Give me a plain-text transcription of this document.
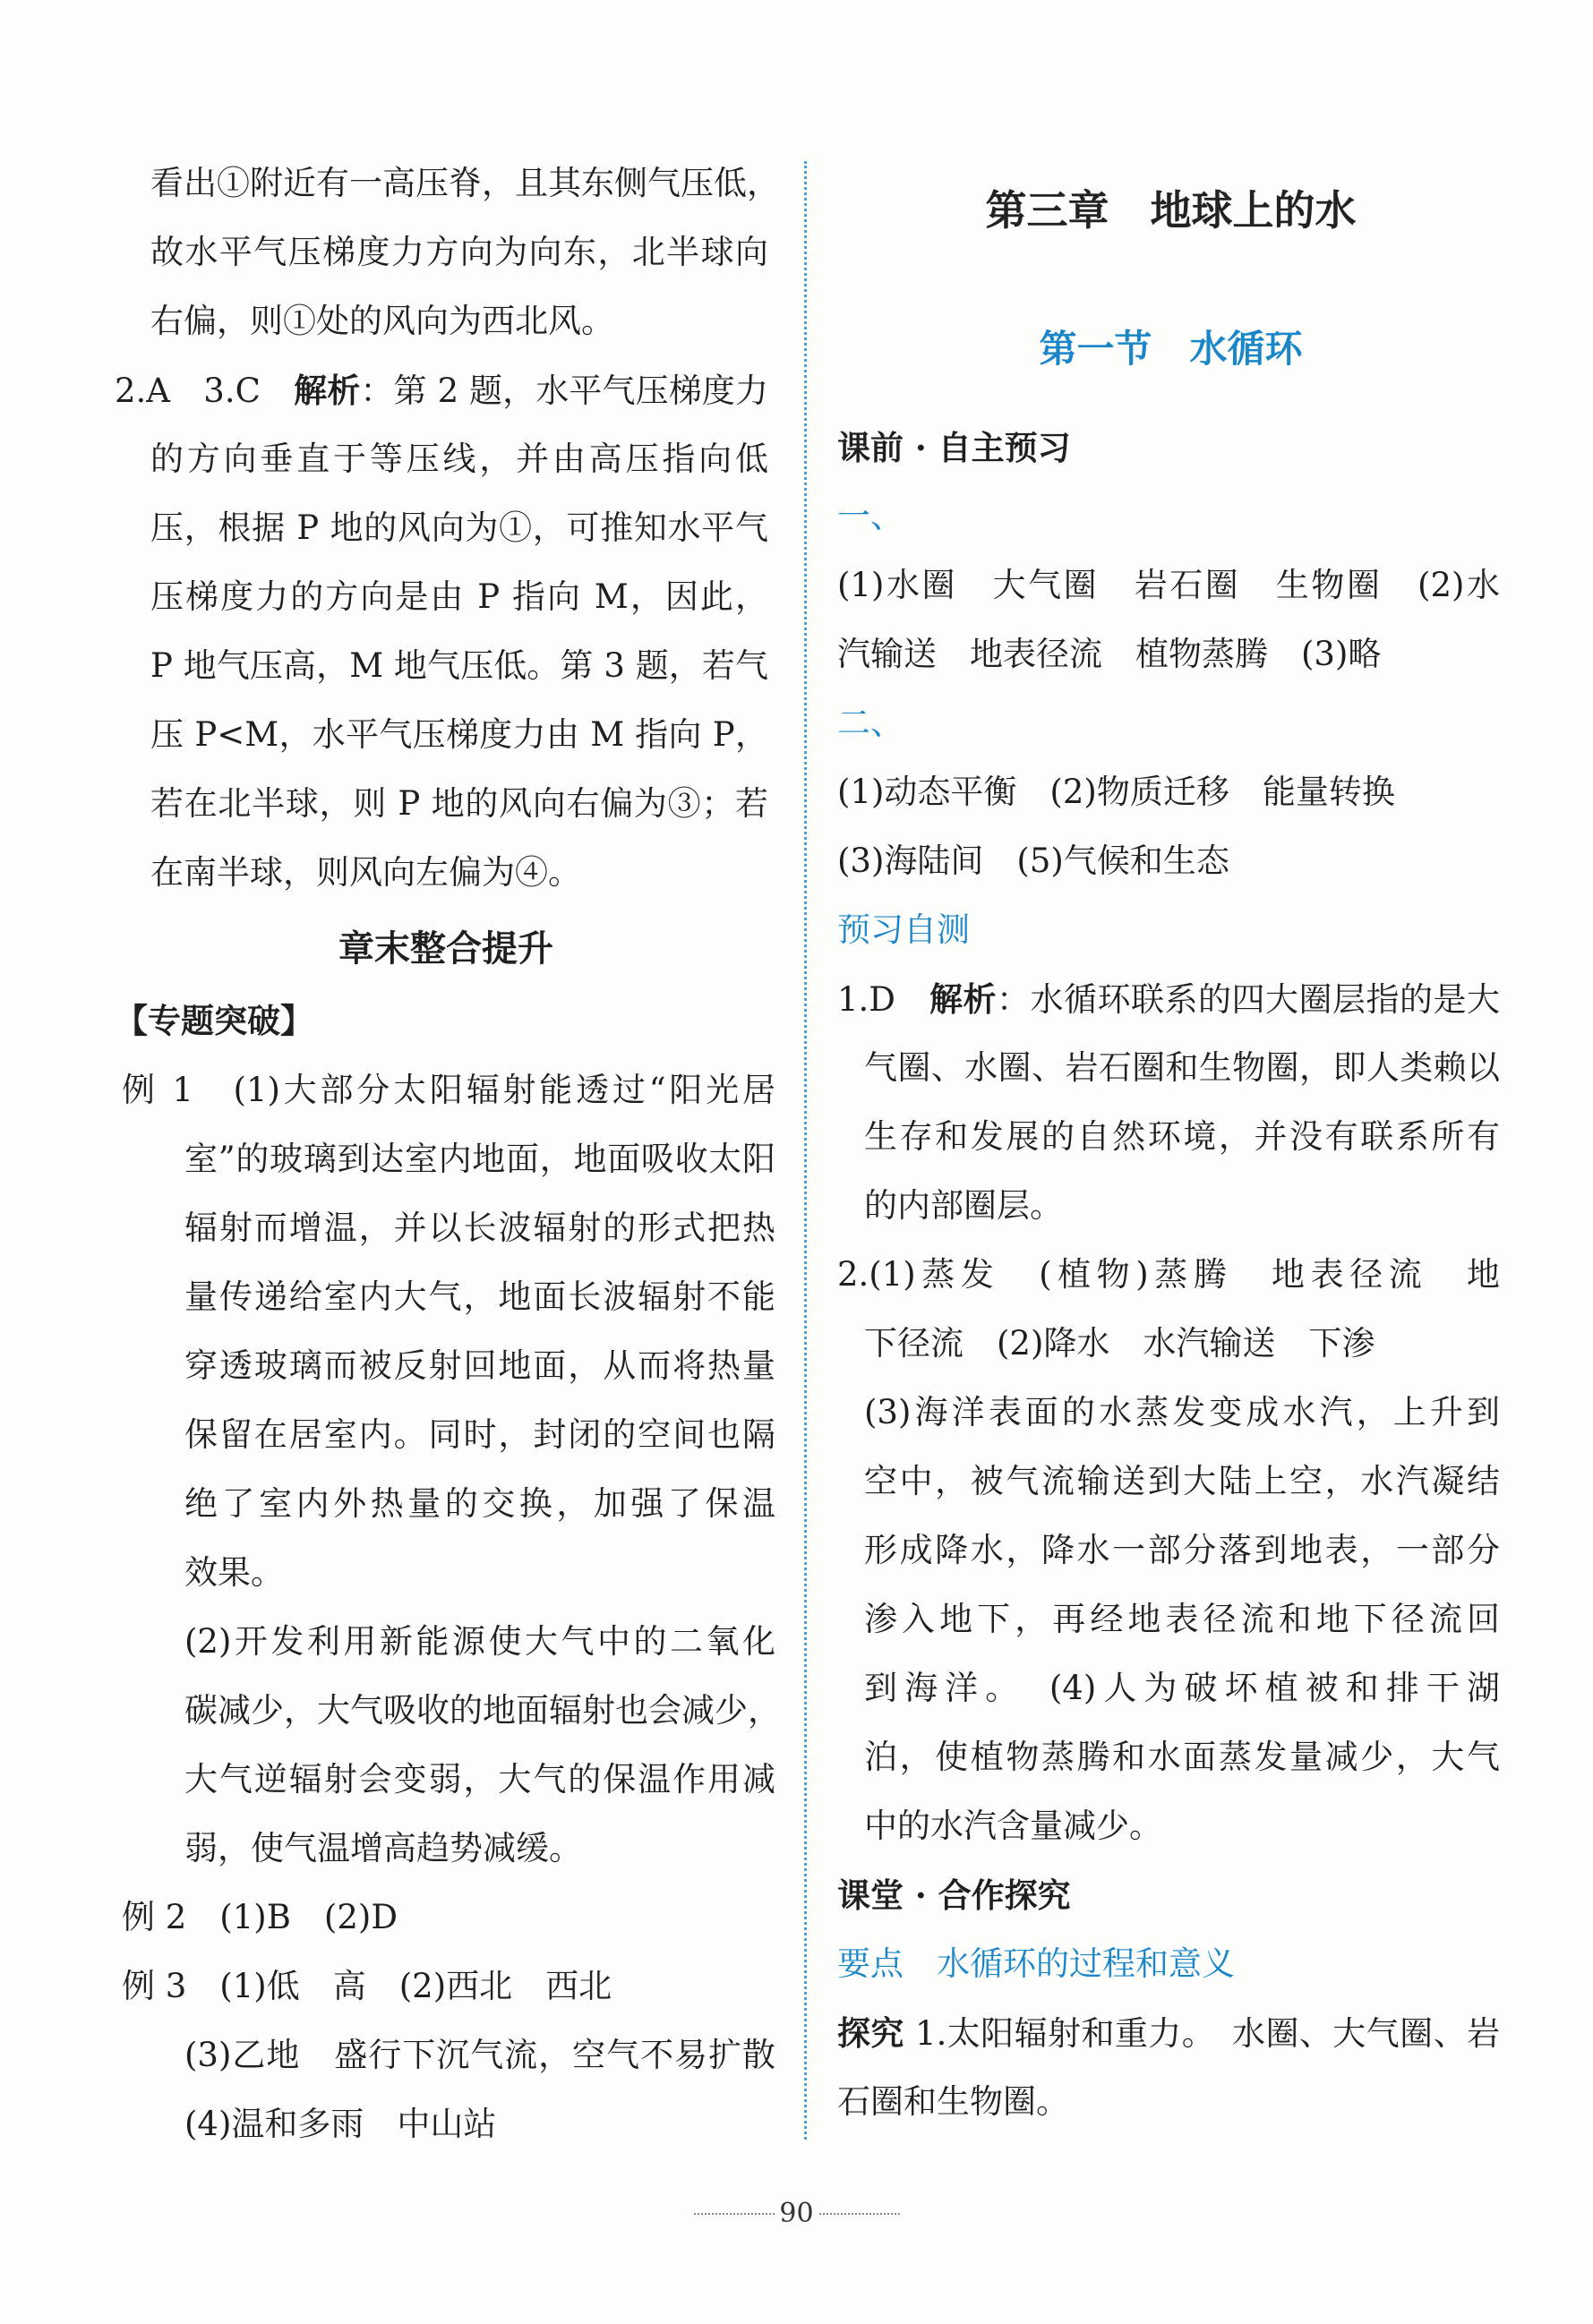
看出①附近有一高压脊，且其东侧气压低，
故水平气压梯度力方向为向东，北半球向
右偏，则①处的风向为西北风。
2.A　3.C　解析：第 2 题，水平气压梯度力
的方向垂直于等压线，并由高压指向低
压，根据 P 地的风向为①，可推知水平气
压梯度力的方向是由 P 指向 M，因此，
P 地气压高，M 地气压低。第 3 题，若气
压 P<M，水平气压梯度力由 M 指向 P，
若在北半球，则 P 地的风向右偏为③；若
在南半球，则风向左偏为④。
章末整合提升
【专题突破】
例 1　(1)大部分太阳辐射能透过“阳光居
室”的玻璃到达室内地面，地面吸收太阳
辐射而增温，并以长波辐射的形式把热
量传递给室内大气，地面长波辐射不能
穿透玻璃而被反射回地面，从而将热量
保留在居室内。同时，封闭的空间也隔
绝了室内外热量的交换，加强了保温
效果。
(2)开发利用新能源使大气中的二氧化
碳减少，大气吸收的地面辐射也会减少，
大气逆辐射会变弱，大气的保温作用减
弱，使气温增高趋势减缓。
例 2　(1)B　(2)D
例 3　(1)低　高　(2)西北　西北
(3)乙地　盛行下沉气流，空气不易扩散
(4)温和多雨　中山站
第三章　地球上的水
第一节　水循环
课前 · 自主预习
一、
(1)水圈　大气圈　岩石圈　生物圈　(2)水
汽输送　地表径流　植物蒸腾　(3)略
二、
(1)动态平衡　(2)物质迁移　能量转换
(3)海陆间　(5)气候和生态
预习自测
1.D　解析：水循环联系的四大圈层指的是大
气圈、水圈、岩石圈和生物圈，即人类赖以
生存和发展的自然环境，并没有联系所有
的内部圈层。
2.(1)蒸发　(植物)蒸腾　地表径流　地
下径流　(2)降水　水汽输送　下渗
(3)海洋表面的水蒸发变成水汽，上升到
空中，被气流输送到大陆上空，水汽凝结
形成降水，降水一部分落到地表，一部分
渗入地下，再经地表径流和地下径流回
到海洋。　(4)人为破坏植被和排干湖
泊，使植物蒸腾和水面蒸发量减少，大气
中的水汽含量减少。
课堂 · 合作探究
要点　水循环的过程和意义
探究 1.太阳辐射和重力。　水圈、大气圈、岩
石圈和生物圈。
90
